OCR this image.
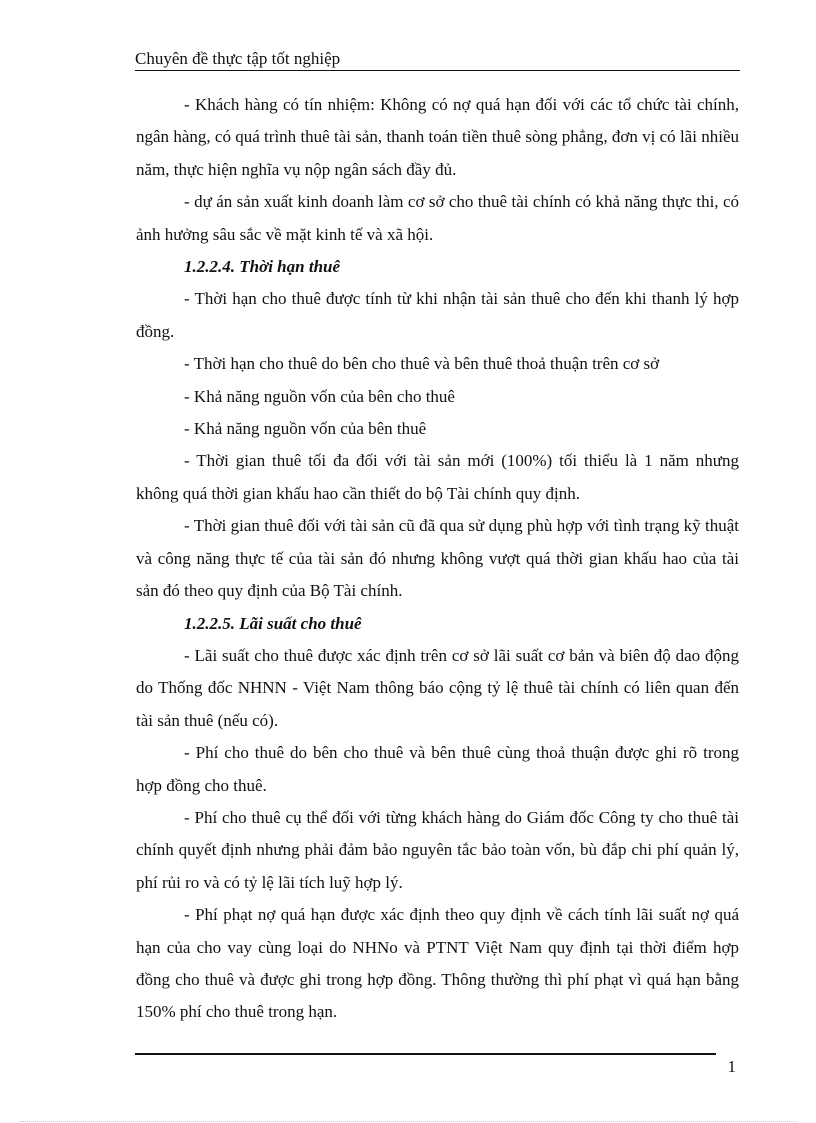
Chuyên đề thực tập tốt nghiệp

- Khách hàng có tín nhiệm: Không có nợ quá hạn đối với các tổ chức tài chính, ngân hàng, có quá trình thuê tài sản, thanh toán tiền thuê sòng phẳng, đơn vị có lãi nhiều năm, thực hiện nghĩa vụ nộp ngân sách đầy đủ.

- dự án sản xuất kinh doanh làm cơ sở cho thuê tài chính có khả năng thực thi, có ảnh hưởng sâu sắc về mặt kinh tế và xã hội.

1.2.2.4. Thời hạn thuê

- Thời hạn cho thuê được tính từ khi nhận tài sản thuê cho đến khi thanh lý hợp đồng.

- Thời hạn cho thuê do bên cho thuê và bên thuê thoả thuận trên cơ sở

- Khả năng nguồn vốn của bên cho thuê

- Khả năng nguồn vốn của bên thuê

- Thời gian thuê tối đa đối với tài sản mới (100%) tối thiểu là 1 năm nhưng không quá thời gian khấu hao cần thiết do bộ Tài chính quy định.

- Thời gian thuê đối với tài sản cũ đã qua sử dụng phù hợp với tình trạng kỹ thuật và công năng thực tế của tài sản đó nhưng không vượt quá thời gian khấu hao của tài sản đó theo quy định của Bộ Tài chính.

1.2.2.5. Lãi suất cho thuê

- Lãi suất cho thuê được xác định trên cơ sở lãi suất cơ bản và biên độ dao động do Thống đốc NHNN - Việt Nam thông báo cộng tỷ lệ thuê tài chính có liên quan đến tài sản thuê (nếu có).

- Phí cho thuê do bên cho thuê và bên thuê cùng thoả thuận được ghi rõ trong hợp đồng cho thuê.

- Phí cho thuê cụ thể đối với từng khách hàng do Giám đốc Công ty cho thuê tài chính quyết định nhưng phải đảm bảo nguyên tắc bảo toàn vốn, bù đắp chi phí quản lý, phí rủi ro và có tỷ lệ lãi tích luỹ hợp lý.

- Phí phạt nợ quá hạn được xác định theo quy định về cách tính lãi suất nợ quá hạn của cho vay cùng loại do NHNo và PTNT Việt Nam quy định tại thời điểm hợp đồng cho thuê và được ghi trong hợp đồng. Thông thường thì phí phạt vì quá hạn bằng 150% phí cho thuê trong hạn.

1
